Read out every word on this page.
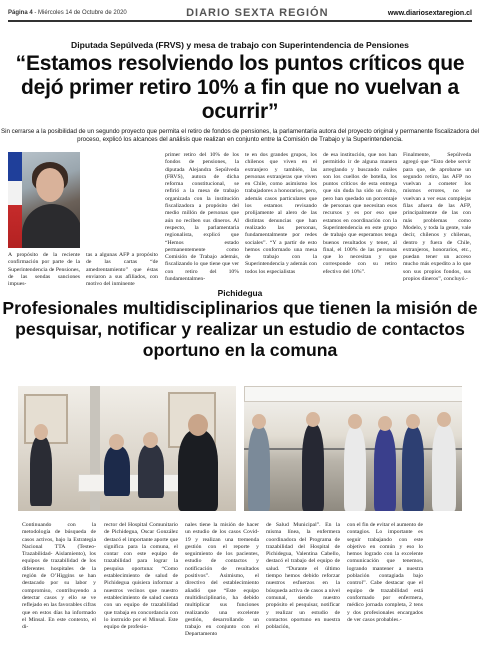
Página 4 - Miércoles 14 de Octubre de 2020	DIARIO SEXTA REGIÓN	www.diariosextaregion.cl
Diputada Sepúlveda (FRVS) y mesa de trabajo con Superintendencia de Pensiones
“Estamos resolviendo los puntos críticos que dejó primer retiro 10% a fin que no vuelvan a ocurrir”
Sin cerrarse a la posibilidad de un segundo proyecto que permita el retiro de fondos de pensiones, la parlamentaria autora del proyecto original y permanente fiscalizadora del proceso, explicó los alcances del análisis que realizan en conjunto entre la Comisión de Trabajo y la Superintendencia.
A propósito de la reciente confirmación por parte de la Superintendencia de Pensiones, de las sendas sanciones impues-
tas a algunas AFP a propósito de las cartas “de amedrentamiento” que éstas enviaron a sus afiliados, con motivo del inminente
primer retiro del 10% de los fondos de pensiones, la diputada Alejandra Sepúlveda (FRVS), autora de dicha reforma constitucional, se refirió a la mesa de trabajo organizada con la institución fiscalizadora a propósito del medio millón de personas que aún no reciben sus dineros. Al respecto, la parlamentaria regionalista, explicó que “Hemos estado permanentemente como Comisión de Trabajo además, fiscalizando lo que tiene que ver con retiro del 10% fundamentalmen-
te en dos grandes grupos, los chilenos que viven en el extranjero y también, las personas extranjeras que viven en Chile, como asimismo los trabajadores a honorarios, pero, además casos particulares que los estamos revisando prolijamente al alero de las distintas denuncias que han realizado las personas, fundamentalmente por redes sociales”. “Y a partir de esto hemos conformado una mesa de trabajo con la Superintendencia y además con todos los especialistas
de esa institución, que nos han permitido ir de alguna manera arreglando y buscando cuáles son los cuellos de botella, los puntos críticos de esta entrega que sin duda ha sido un éxito, pero han quedado un porcentaje de personas que necesitan esos recursos y es por eso que estamos en coordinación con la Superintendencia en este grupo de trabajo que esperamos tenga buenos resultados y tener, al final, el 100% de las personas que lo necesitan y que corresponde con su retiro efectivo del 10%”.
Finalmente, Sepúlveda agregó que “Esto debe servir para que, de aprobarse un segundo retiro, las AFP no vuelvan a cometer los mismos errores, no se vuelvan a ver esas complejas filas afuera de las AFP, principalmente de las con más problemas como Modelo, y toda la gente, vale decir, chilenos y chilenas, dentro y fuera de Chile, extranjeros, honorarios, etc., puedan tener un acceso mucho más expedito a lo que son sus propios fondos, sus propios dineros”, concluyó.-
Pichidegua
Profesionales multidisciplinarios que tienen la misión de pesquisar, notificar y realizar un estudio de contactos oportuno en la comuna
Continuando con la metodología de búsqueda de casos activos, bajo la Estrategia Nacional TTA (Testeo- Trazabilidad- Aislamiento), los equipos de trazabilidad de los diferentes hospitales de la región de O’Higgins se han destacado por su labor y compromiso, contribuyendo a detectar casos y ello se ve reflejado en las favorables cifras que en estos días ha informado el Minsal. En este contexto, el di-
rector del Hospital Comunitario de Pichidegua, Oscar González destacó el importante aporte que significa para la comuna, el contar con este equipo de trazabilidad para lograr la pesquisa oportuna: “Como establecimiento de salud de Pichidegua quisiera informar a nuestros vecinos que nuestro establecimiento de salud cuenta con un equipo de trazabilidad que trabaja en concordancia con lo instruido por el Minsal. Este equipo de profesio-
nales tiene la misión de hacer un estudio de los casos Covid-19 y realizan una tremenda gestión con el reporte y seguimiento de los pacientes, estudio de contactos y notificación de resultados positivos”. Asimismo, el directivo del establecimiento añadió que “Este equipo multidisciplinario, ha debido multiplicar sus funciones realizando una excelente gestión, desarrollando un trabajo en conjunto con el Departamento
de Salud Municipal”. En la misma línea, la enfermera coordinadora del Programa de trazabilidad del Hospital de Pichidegua, Valentina Cabello, destacó el trabajo del equipo de salud. “Durante el último tiempo hemos debido reforzar nuestros esfuerzos en la búsqueda activa de casos a nivel comunal, siendo nuestro propósito el pesquisar, notificar y realizar un estudio de contactos oportuno en nuestra población,
con el fin de evitar el aumento de contagios. Lo importante es seguir trabajando con este objetivo en común y eso lo hemos logrado con la excelente comunicación que tenemos, logrando mantener a nuestra población contagiada bajo control”. Cabe destacar que el equipo de trazabilidad está conformado por enfermera, médico jornada completa, 2 tens y dos profesionales encargados de ver casos probables.-
